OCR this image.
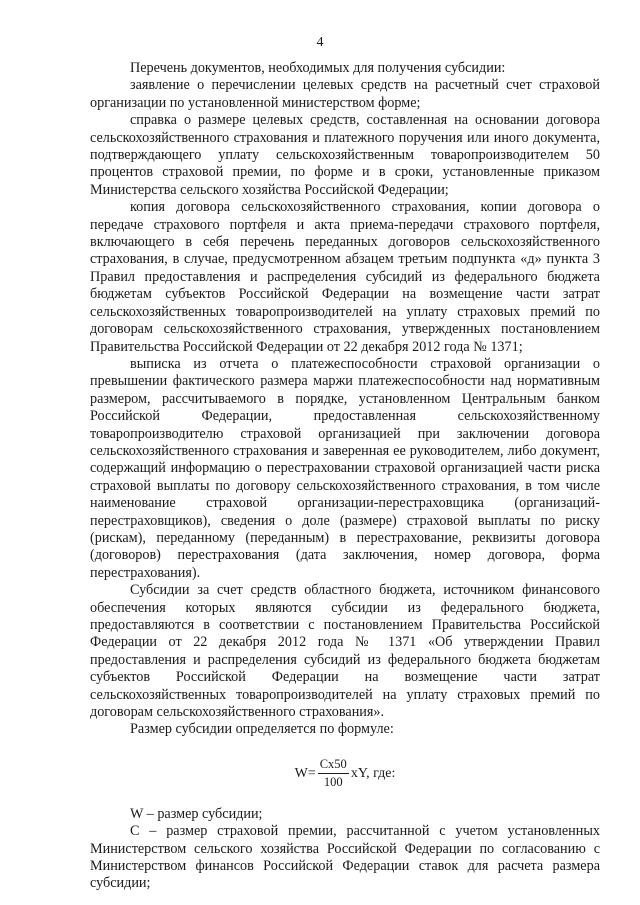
4

Перечень документов, необходимых для получения субсидии:

заявление о перечислении целевых средств на расчетный счет страховой организации по установленной министерством форме;

справка о размере целевых средств, составленная на основании договора сельскохозяйственного страхования и платежного поручения или иного документа, подтверждающего уплату сельскохозяйственным товаропроизводителем 50 процентов страховой премии, по форме и в сроки, установленные приказом Министерства сельского хозяйства Российской Федерации;

копия договора сельскохозяйственного страхования, копии договора о передаче страхового портфеля и акта приема-передачи страхового портфеля, включающего в себя перечень переданных договоров сельскохозяйственного страхования, в случае, предусмотренном абзацем третьим подпункта «д» пункта 3 Правил предоставления и распределения субсидий из федерального бюджета бюджетам субъектов Российской Федерации на возмещение части затрат сельскохозяйственных товаропроизводителей на уплату страховых премий по договорам сельскохозяйственного страхования, утвержденных постановлением Правительства Российской Федерации от 22 декабря 2012 года № 1371;

выписка из отчета о платежеспособности страховой организации о превышении фактического размера маржи платежеспособности над нормативным размером, рассчитываемого в порядке, установленном Центральным банком Российской Федерации, предоставленная сельскохозяйственному товаропроизводителю страховой организацией при заключении договора сельскохозяйственного страхования и заверенная ее руководителем, либо документ, содержащий информацию о перестраховании страховой организацией части риска страховой выплаты по договору сельскохозяйственного страхования, в том числе наименование страховой организации-перестраховщика (организаций-перестраховщиков), сведения о доле (размере) страховой выплаты по риску (рискам), переданному (переданным) в перестрахование, реквизиты договора (договоров) перестрахования (дата заключения, номер договора, форма перестрахования).

Субсидии за счет средств областного бюджета, источником финансового обеспечения которых являются субсидии из федерального бюджета, предоставляются в соответствии с постановлением Правительства Российской Федерации от 22 декабря 2012 года № 1371 «Об утверждении Правил предоставления и распределения субсидий из федерального бюджета бюджетам субъектов Российской Федерации на возмещение части затрат сельскохозяйственных товаропроизводителей на уплату страховых премий по договорам сельскохозяйственного страхования».

Размер субсидии определяется по формуле:

$W= \frac{Cx50}{100}$ xY, где:

W – размер субсидии;

C – размер страховой премии, рассчитанной с учетом установленных Министерством сельского хозяйства Российской Федерации по согласованию с Министерством финансов Российской Федерации ставок для расчета размера субсидии;
